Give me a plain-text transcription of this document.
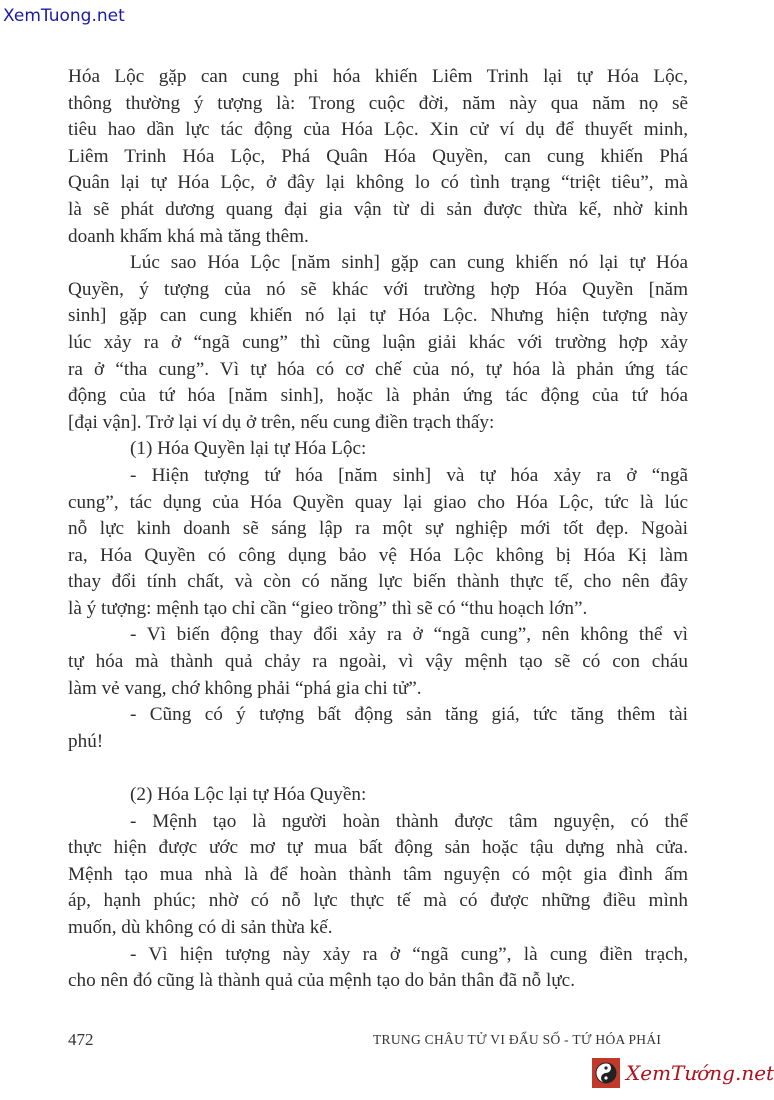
XemTuong.net
Hóa Lộc gặp can cung phi hóa khiến Liêm Trinh lại tự Hóa Lộc,
thông thường ý tượng là: Trong cuộc đời, năm này qua năm nọ sẽ
tiêu hao dần lực tác động của Hóa Lộc. Xin cử ví dụ để thuyết minh,
Liêm Trinh Hóa Lộc, Phá Quân Hóa Quyền, can cung khiến Phá
Quân lại tự Hóa Lộc, ở đây lại không lo có tình trạng “triệt tiêu”, mà
là sẽ phát dương quang đại gia vận từ di sản được thừa kế, nhờ kinh
doanh khấm khá mà tăng thêm.
Lúc sao Hóa Lộc [năm sinh] gặp can cung khiến nó lại tự Hóa
Quyền, ý tượng của nó sẽ khác với trường hợp Hóa Quyền [năm
sinh] gặp can cung khiến nó lại tự Hóa Lộc. Nhưng hiện tượng này
lúc xảy ra ở “ngã cung” thì cũng luận giải khác với trường hợp xảy
ra ở “tha cung”. Vì tự hóa có cơ chế của nó, tự hóa là phản ứng tác
động của tứ hóa [năm sinh], hoặc là phản ứng tác động của tứ hóa
[đại vận]. Trở lại ví dụ ở trên, nếu cung điền trạch thấy:
(1) Hóa Quyền lại tự Hóa Lộc:
- Hiện tượng tứ hóa [năm sinh] và tự hóa xảy ra ở “ngã
cung”, tác dụng của Hóa Quyền quay lại giao cho Hóa Lộc, tức là lúc
nỗ lực kinh doanh sẽ sáng lập ra một sự nghiệp mới tốt đẹp. Ngoài
ra, Hóa Quyền có công dụng bảo vệ Hóa Lộc không bị Hóa Kị làm
thay đổi tính chất, và còn có năng lực biến thành thực tế, cho nên đây
là ý tượng: mệnh tạo chỉ cần “gieo trồng” thì sẽ có “thu hoạch lớn”.
- Vì biến động thay đổi xảy ra ở “ngã cung”, nên không thể vì
tự hóa mà thành quả chảy ra ngoài, vì vậy mệnh tạo sẽ có con cháu
làm vẻ vang, chớ không phải “phá gia chi tử”.
- Cũng có ý tượng bất động sản tăng giá, tức tăng thêm tài
phú!
(2) Hóa Lộc lại tự Hóa Quyền:
- Mệnh tạo là người hoàn thành được tâm nguyện, có thể
thực hiện được ước mơ tự mua bất động sản hoặc tậu dựng nhà cửa.
Mệnh tạo mua nhà là để hoàn thành tâm nguyện có một gia đình ấm
áp, hạnh phúc; nhờ có nỗ lực thực tế mà có được những điều mình
muốn, dù không có di sản thừa kế.
- Vì hiện tượng này xảy ra ở “ngã cung”, là cung điền trạch,
cho nên đó cũng là thành quả của mệnh tạo do bản thân đã nỗ lực.
472	TRUNG CHÂU TỬ VI ĐẨU SỐ - TỨ HÓA PHÁI
XemTướng.net
